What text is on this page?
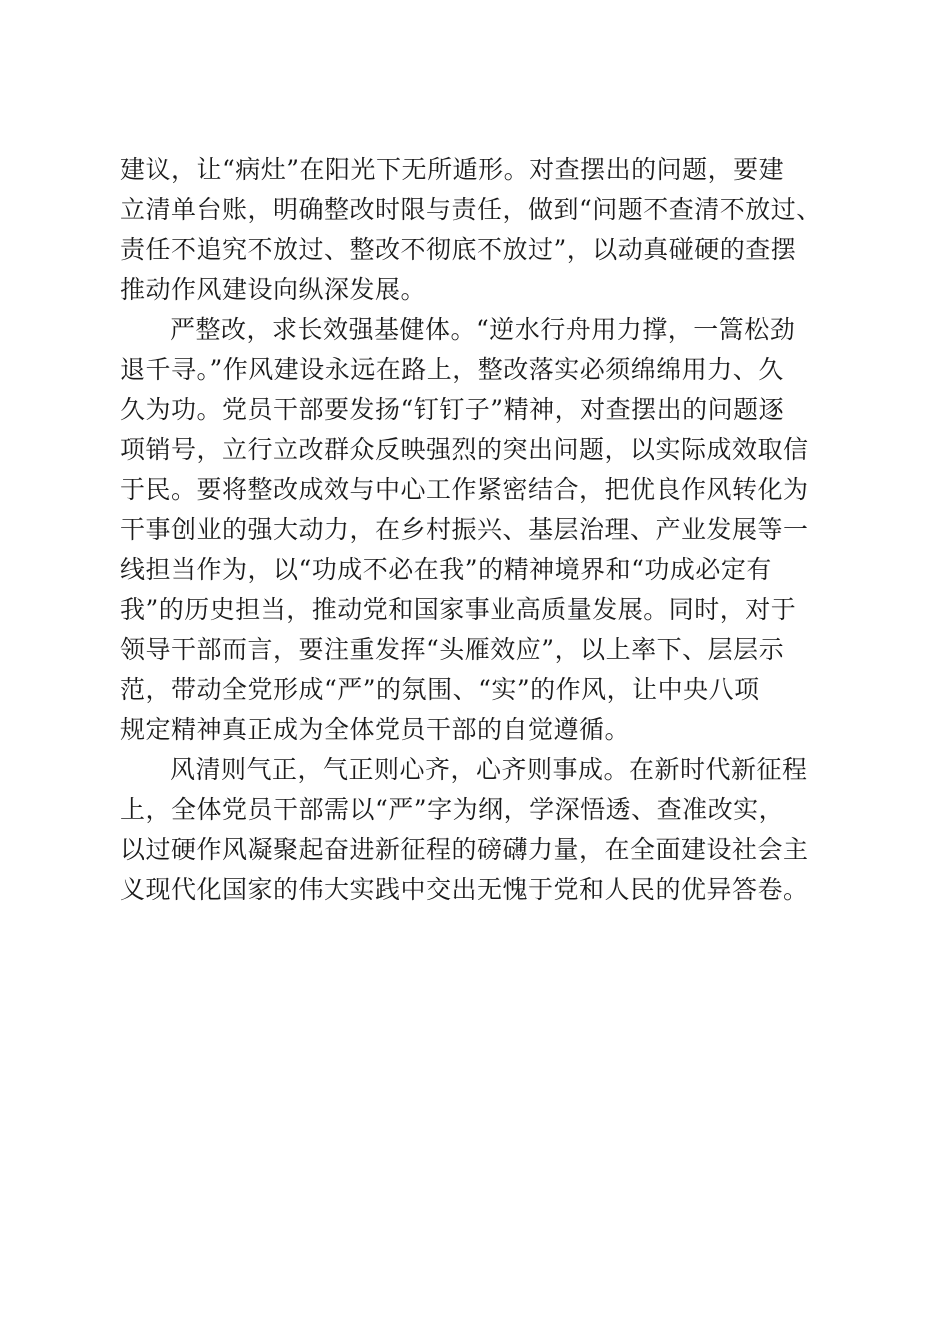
建议，让“病灶”在阳光下无所遁形。对查摆出的问题，要建
立清单台账，明确整改时限与责任，做到“问题不查清不放过、
责任不追究不放过、整改不彻底不放过”，以动真碰硬的查摆
推动作风建设向纵深发展。
严整改，求长效强基健体。“逆水行舟用力撑，一篙松劲
退千寻。”作风建设永远在路上，整改落实必须绵绵用力、久
久为功。党员干部要发扬“钉钉子”精神，对查摆出的问题逐
项销号，立行立改群众反映强烈的突出问题，以实际成效取信
于民。要将整改成效与中心工作紧密结合，把优良作风转化为
干事创业的强大动力，在乡村振兴、基层治理、产业发展等一
线担当作为，以“功成不必在我”的精神境界和“功成必定有
我”的历史担当，推动党和国家事业高质量发展。同时，对于
领导干部而言，要注重发挥“头雁效应”，以上率下、层层示
范，带动全党形成“严”的氛围、“实”的作风，让中央八项
规定精神真正成为全体党员干部的自觉遵循。
风清则气正，气正则心齐，心齐则事成。在新时代新征程
上，全体党员干部需以“严”字为纲，学深悟透、查准改实，
以过硬作风凝聚起奋进新征程的磅礴力量，在全面建设社会主
义现代化国家的伟大实践中交出无愧于党和人民的优异答卷。
